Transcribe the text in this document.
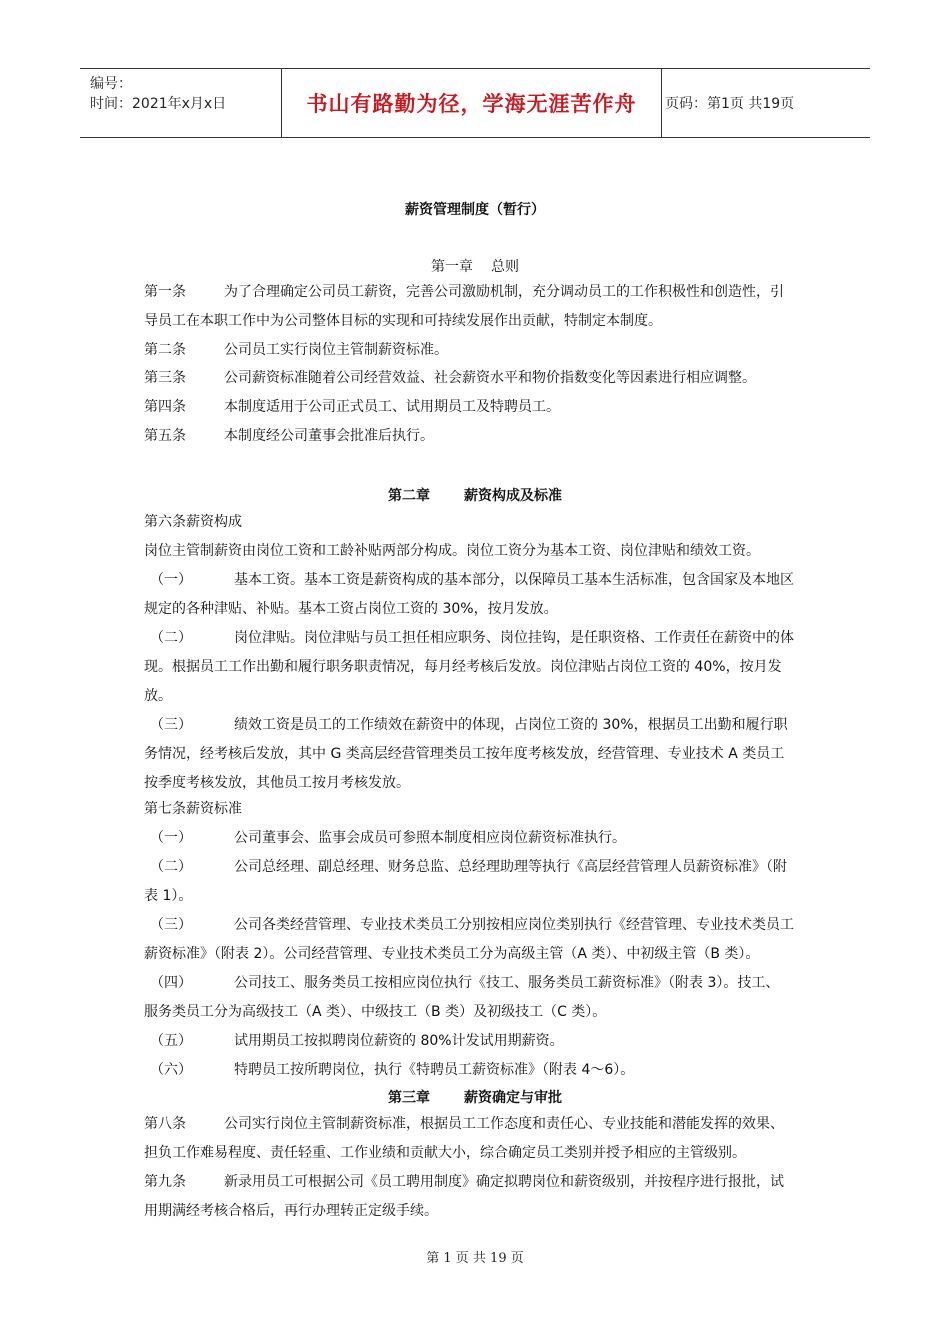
编号：
时间：2021年x月x日	书山有路勤为径，学海无涯苦作舟	页码：第1页 共19页
薪资管理制度（暂行）
第一章 总则
第一条	为了合理确定公司员工薪资，完善公司激励机制，充分调动员工的工作积极性和创造性，引
导员工在本职工作中为公司整体目标的实现和可持续发展作出贡献，特制定本制度。
第二条	公司员工实行岗位主管制薪资标准。
第三条	公司薪资标准随着公司经营效益、社会薪资水平和物价指数变化等因素进行相应调整。
第四条	本制度适用于公司正式员工、试用期员工及特聘员工。
第五条	本制度经公司董事会批准后执行。
第二章 薪资构成及标准
第六条薪资构成
岗位主管制薪资由岗位工资和工龄补贴两部分构成。岗位工资分为基本工资、岗位津贴和绩效工资。
（一）	基本工资。基本工资是薪资构成的基本部分，以保障员工基本生活标准，包含国家及本地区
规定的各种津贴、补贴。基本工资占岗位工资的 30%，按月发放。
（二）	岗位津贴。岗位津贴与员工担任相应职务、岗位挂钩，是任职资格、工作责任在薪资中的体
现。根据员工工作出勤和履行职务职责情况，每月经考核后发放。岗位津贴占岗位工资的 40%，按月发
放。
（三）	绩效工资是员工的工作绩效在薪资中的体现，占岗位工资的 30%，根据员工出勤和履行职
务情况，经考核后发放，其中 G 类高层经营管理类员工按年度考核发放，经营管理、专业技术 A 类员工
按季度考核发放，其他员工按月考核发放。
第七条薪资标准
（一）	公司董事会、监事会成员可参照本制度相应岗位薪资标准执行。
（二）	公司总经理、副总经理、财务总监、总经理助理等执行《高层经营管理人员薪资标准》（附
表 1）。
（三）	公司各类经营管理、专业技术类员工分别按相应岗位类别执行《经营管理、专业技术类员工
薪资标准》（附表 2）。公司经营管理、专业技术类员工分为高级主管（A 类）、中初级主管（B 类）。
（四）	公司技工、服务类员工按相应岗位执行《技工、服务类员工薪资标准》（附表 3）。技工、
服务类员工分为高级技工（A 类）、中级技工（B 类）及初级技工（C 类）。
（五）	试用期员工按拟聘岗位薪资的 80%计发试用期薪资。
（六）	特聘员工按所聘岗位，执行《特聘员工薪资标准》（附表 4～6）。
第三章 薪资确定与审批
第八条	公司实行岗位主管制薪资标准，根据员工工作态度和责任心、专业技能和潜能发挥的效果、
担负工作难易程度、责任轻重、工作业绩和贡献大小，综合确定员工类别并授予相应的主管级别。
第九条	新录用员工可根据公司《员工聘用制度》确定拟聘岗位和薪资级别，并按程序进行报批，试
用期满经考核合格后，再行办理转正定级手续。
第 1 页 共 19 页
